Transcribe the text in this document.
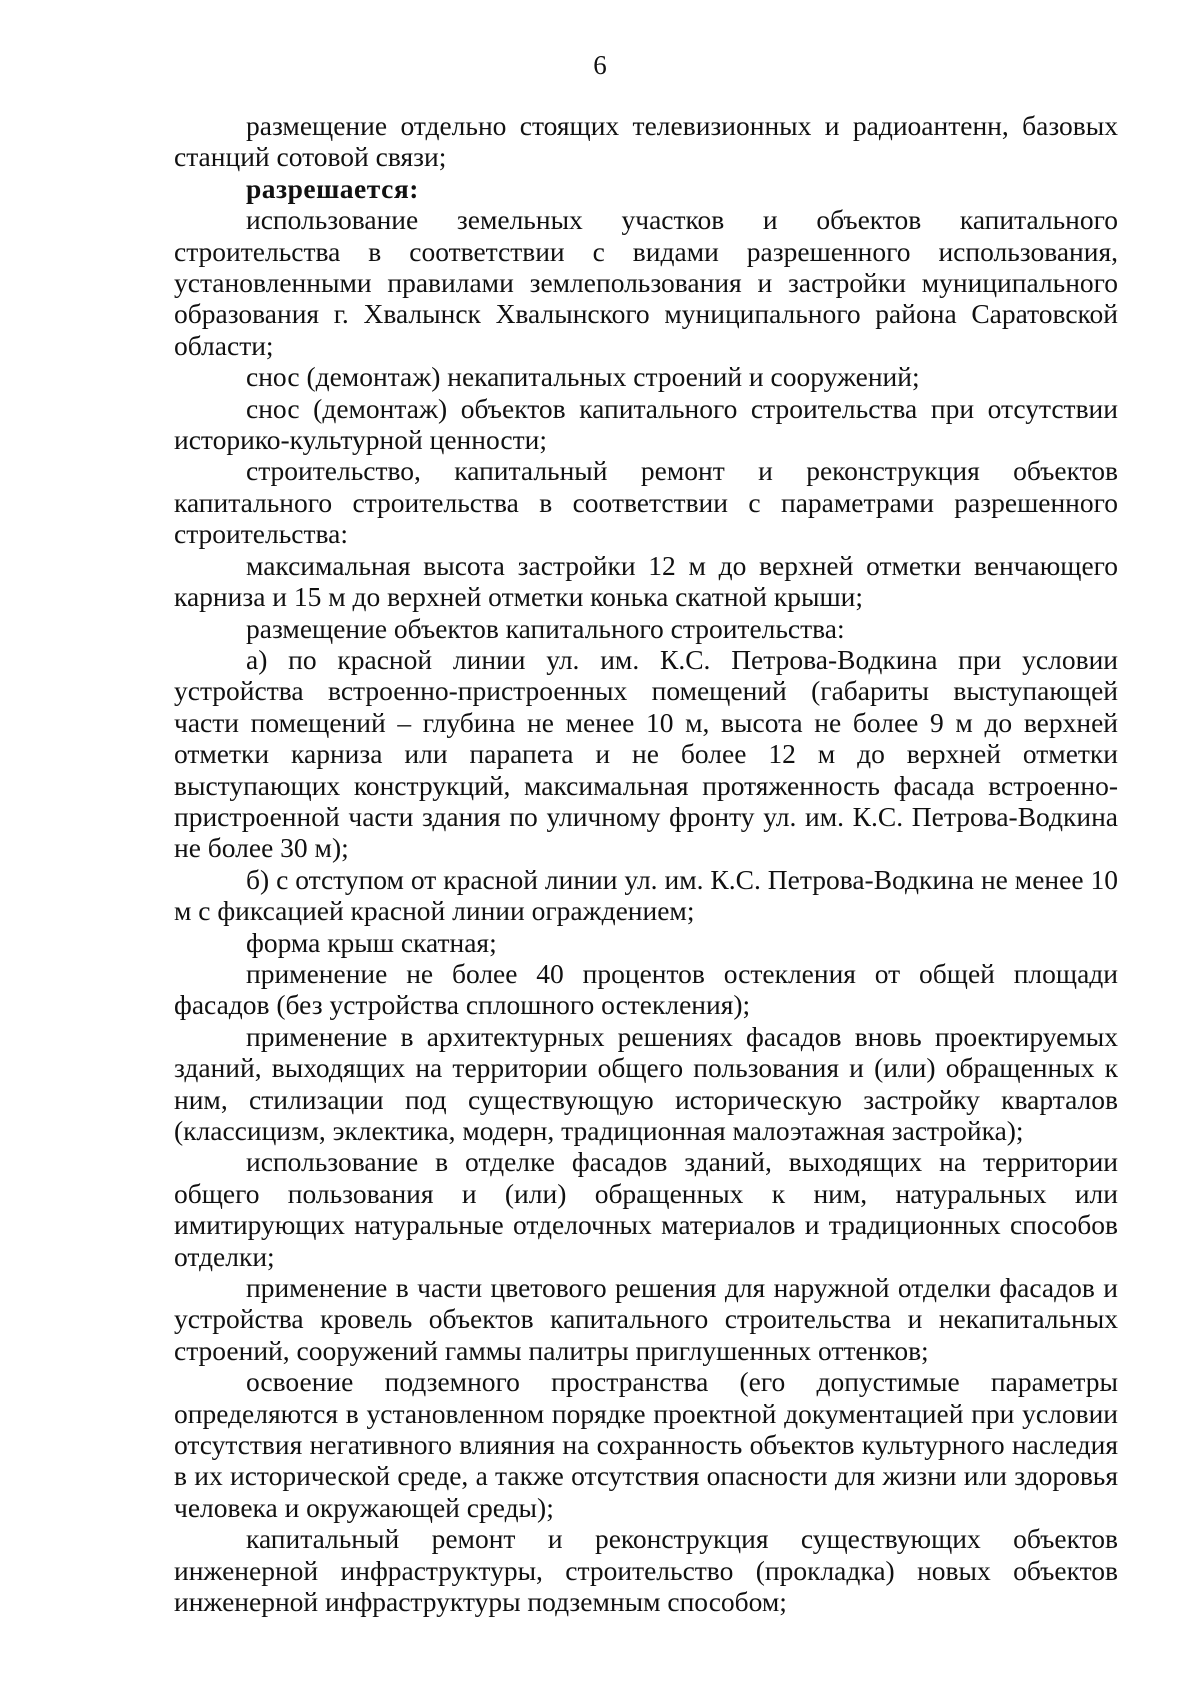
6

размещение отдельно стоящих телевизионных и радиоантенн, базовых станций сотовой связи;

разрешается:

использование земельных участков и объектов капитального строительства в соответствии с видами разрешенного использования, установленными правилами землепользования и застройки муниципального образования г. Хвалынск Хвалынского муниципального района Саратовской области;

снос (демонтаж) некапитальных строений и сооружений;

снос (демонтаж) объектов капитального строительства при отсутствии историко-культурной ценности;

строительство, капитальный ремонт и реконструкция объектов капитального строительства в соответствии с параметрами разрешенного строительства:

максимальная высота застройки 12 м до верхней отметки венчающего карниза и 15 м до верхней отметки конька скатной крыши;

размещение объектов капитального строительства:

а) по красной линии ул. им. К.С. Петрова-Водкина при условии устройства встроенно-пристроенных помещений (габариты выступающей части помещений – глубина не менее 10 м, высота не более 9 м до верхней отметки карниза или парапета и не более 12 м до верхней отметки выступающих конструкций, максимальная протяженность фасада встроенно-пристроенной части здания по уличному фронту ул. им. К.С. Петрова-Водкина не более 30 м);

б) с отступом от красной линии ул. им. К.С. Петрова-Водкина не менее 10 м с фиксацией красной линии ограждением;

форма крыш скатная;

применение не более 40 процентов остекления от общей площади фасадов (без устройства сплошного остекления);

применение в архитектурных решениях фасадов вновь проектируемых зданий, выходящих на территории общего пользования и (или) обращенных к ним, стилизации под существующую историческую застройку кварталов (классицизм, эклектика, модерн, традиционная малоэтажная застройка);

использование в отделке фасадов зданий, выходящих на территории общего пользования и (или) обращенных к ним, натуральных или имитирующих натуральные отделочных материалов и традиционных способов отделки;

применение в части цветового решения для наружной отделки фасадов и устройства кровель объектов капитального строительства и некапитальных строений, сооружений гаммы палитры приглушенных оттенков;

освоение подземного пространства (его допустимые параметры определяются в установленном порядке проектной документацией при условии отсутствия негативного влияния на сохранность объектов культурного наследия в их исторической среде, а также отсутствия опасности для жизни или здоровья человека и окружающей среды);

капитальный ремонт и реконструкция существующих объектов инженерной инфраструктуры, строительство (прокладка) новых объектов инженерной инфраструктуры подземным способом;
